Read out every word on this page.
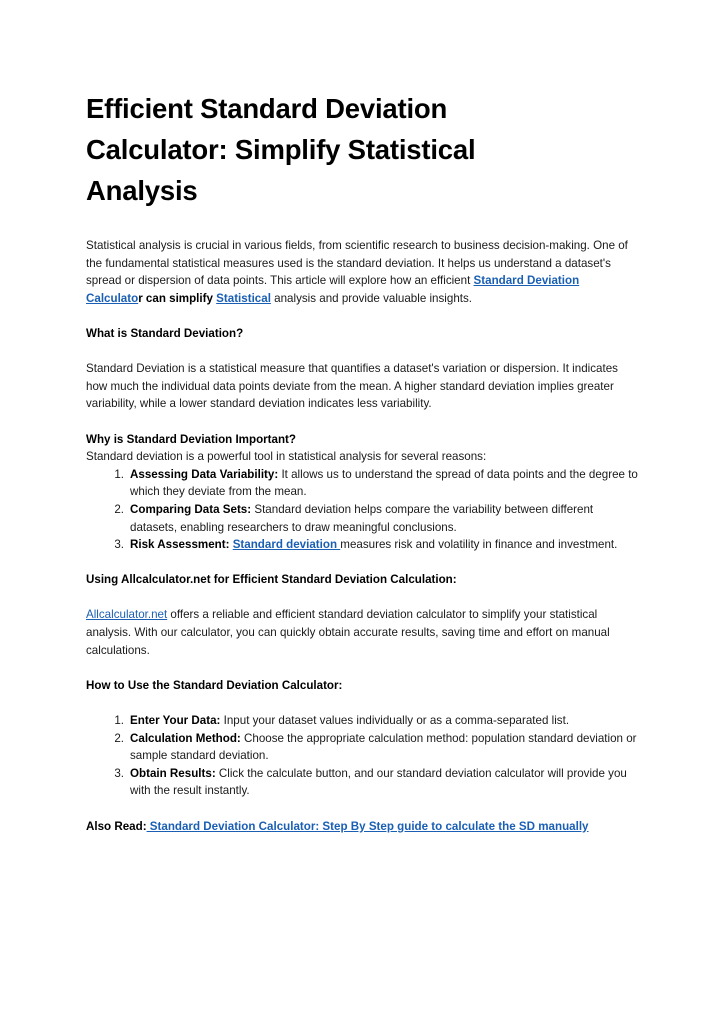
Efficient Standard Deviation Calculator: Simplify Statistical Analysis

Statistical analysis is crucial in various fields, from scientific research to business decision-making. One of the fundamental statistical measures used is the standard deviation. It helps us understand a dataset's spread or dispersion of data points. This article will explore how an efficient Standard Deviation Calculator can simplify Statistical analysis and provide valuable insights.

What is Standard Deviation?

Standard Deviation is a statistical measure that quantifies a dataset's variation or dispersion. It indicates how much the individual data points deviate from the mean. A higher standard deviation implies greater variability, while a lower standard deviation indicates less variability.

Why is Standard Deviation Important?

Standard deviation is a powerful tool in statistical analysis for several reasons:

1. Assessing Data Variability: It allows us to understand the spread of data points and the degree to which they deviate from the mean.
2. Comparing Data Sets: Standard deviation helps compare the variability between different datasets, enabling researchers to draw meaningful conclusions.
3. Risk Assessment: Standard deviation measures risk and volatility in finance and investment.

Using Allcalculator.net for Efficient Standard Deviation Calculation:

Allcalculator.net offers a reliable and efficient standard deviation calculator to simplify your statistical analysis. With our calculator, you can quickly obtain accurate results, saving time and effort on manual calculations.

How to Use the Standard Deviation Calculator:

1. Enter Your Data: Input your dataset values individually or as a comma-separated list.
2. Calculation Method: Choose the appropriate calculation method: population standard deviation or sample standard deviation.
3. Obtain Results: Click the calculate button, and our standard deviation calculator will provide you with the result instantly.

Also Read: Standard Deviation Calculator: Step By Step guide to calculate the SD manually
